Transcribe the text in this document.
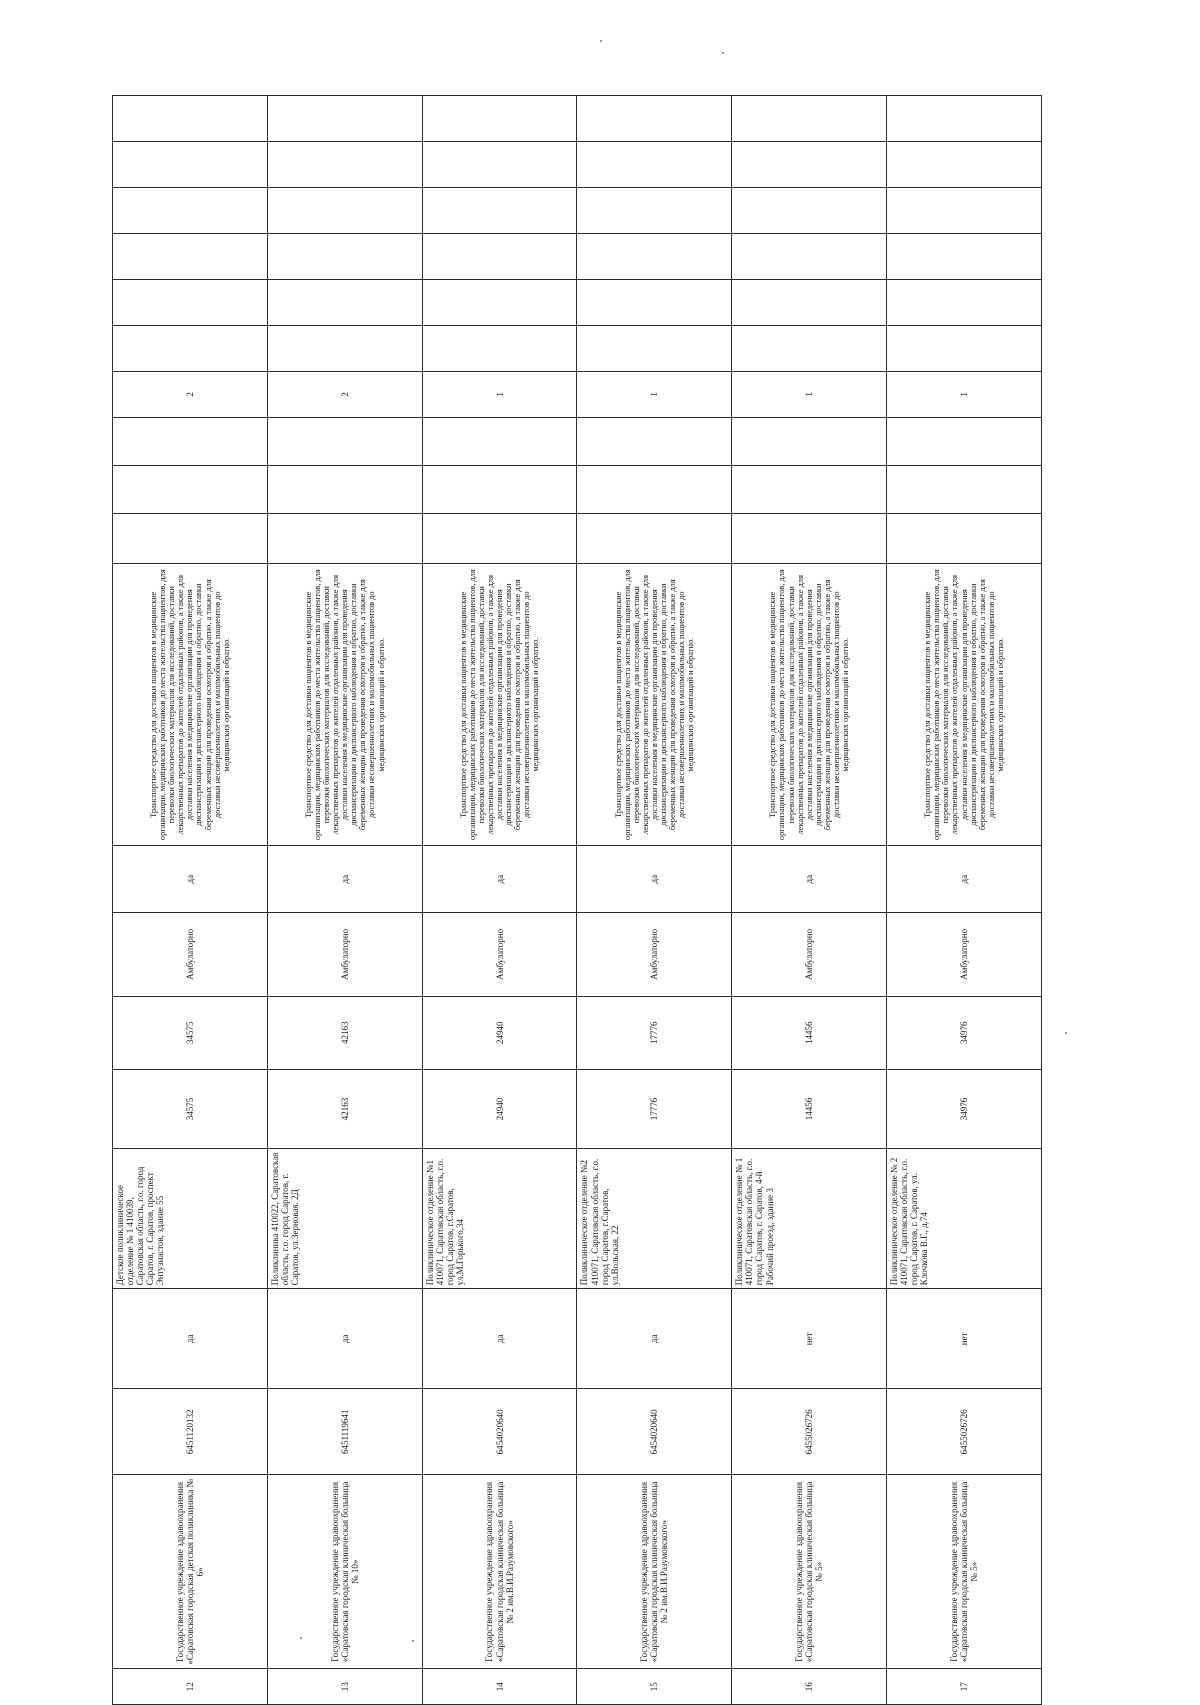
12	Государственное учреждение здравоохранения «Саратовская городская детская поликлиника № 6»	6451120132	да	Детское поликлиническое отделение № 1 410039, Саратовская область, г.о. город Саратов, г. Саратов, проспект Энтузиастов, здание 55	34575	34575	Амбулаторно	да	Транспортное средство для доставки пациентов в медицинские организации, медицинских работников до места жительства пациентов, для перевозки биологических материалов для исследований, доставки лекарственных препаратов до жителей отдаленных районов, а также для доставки населения в медицинские организации для проведения диспансеризации и диспансерного наблюдения и обратно, доставки беременных женщин для проведения осмотров и обратно, а также для доставки несовершеннолетних и маломобильных пациентов до медицинских организаций и обратно.				2						
13	Государственное учреждение здравоохранения «Саратовская городская клиническая больница № 10»	6451119641	да	Поликлиника 410022, Саратовская область, г.о. город Саратов, г. Саратов, ул.Зерновая. 2Д	42163	42163	Амбулаторно	да	Транспортное средство для доставки пациентов в медицинские организации, медицинских работников до места жительства пациентов, для перевозки биологических материалов для исследований, доставки лекарственных препаратов до жителей отдаленных районов, а также для доставки населения в медицинские организации для проведения диспансеризации и диспансерного наблюдения и обратно, доставки беременных женщин для проведения осмотров и обратно, а также для доставки несовершеннолетних и маломобильных пациентов до медицинских организаций и обратно.				2						
14	Государственное учреждение здравоохранения «Саратовская городская клиническая больница № 2 им.В.И.Разумовского»	6454020640	да	Поликлиническое отделение №1 410071, Саратовская область, г.о. город Саратов, г.Саратов, ул.М.Горького,34	24940	24940	Амбулаторно	да	Транспортное средство для доставки пациентов в медицинские организации, медицинских работников до места жительства пациентов, для перевозки биологических материалов для исследований, доставки лекарственных препаратов до жителей отдаленных районов, а также для доставки населения в медицинские организации для проведения диспансеризации и диспансерного наблюдения и обратно, доставки беременных женщин для проведения осмотров и обратно, а также для доставки несовершеннолетних и маломобильных пациентов до медицинских организаций и обратно.				1						
15	Государственное учреждение здравоохранения «Саратовская городская клиническая больница № 2 им.В.И.Разумовского»	6454020640	да	Поликлиническое отделение №2 410071, Саратовская область, г.о. город Саратов, г.Саратов, ул.Вольская, 22	17776	17776	Амбулаторно	да	Транспортное средство для доставки пациентов в медицинские организации, медицинских работников до места жительства пациентов, для перевозки биологических материалов для исследований, доставки лекарственных препаратов до жителей отдаленных районов, а также для доставки населения в медицинские организации для проведения диспансеризации и диспансерного наблюдения и обратно, доставки беременных женщин для проведения осмотров и обратно, а также для доставки несовершеннолетних и маломобильных пациентов до медицинских организаций и обратно.				1						
16	Государственное учреждение здравоохранения «Саратовская городская клиническая больница № 5»	6455026726	нет	Поликлиническое отделение № 1 410071, Саратовская область, г.о. город Саратов, г. Саратов, 4-й Рабочий проезд, здание 3	14456	14456	Амбулаторно	да	Транспортное средство для доставки пациентов в медицинские организации, медицинских работников до места жительства пациентов, для перевозки биологических материалов для исследований, доставки лекарственных препаратов до жителей отдаленных районов, а также для доставки населения в медицинские организации для проведения диспансеризации и диспансерного наблюдения и обратно, доставки беременных женщин для проведения осмотров и обратно, а также для доставки несовершеннолетних и маломобильных пациентов до медицинских организаций и обратно.				1						
17	Государственное учреждение здравоохранения «Саратовская городская клиническая больница № 5»	6455026726	нет	Поликлиническое отделение № 2 410071, Саратовская область, г.о. город Саратов, г. Саратов, ул. Клочкова В.Г., д.74	34976	34976	Амбулаторно	да	Транспортное средство для доставки пациентов в медицинские организации, медицинских работников до места жительства пациентов, для перевозки биологических материалов для исследований, доставки лекарственных препаратов до жителей отдаленных районов, а также для доставки населения в медицинские организации для проведения диспансеризации и диспансерного наблюдения и обратно, доставки беременных женщин для проведения осмотров и обратно, а также для доставки несовершеннолетних и маломобильных пациентов до медицинских организаций и обратно.				1						
